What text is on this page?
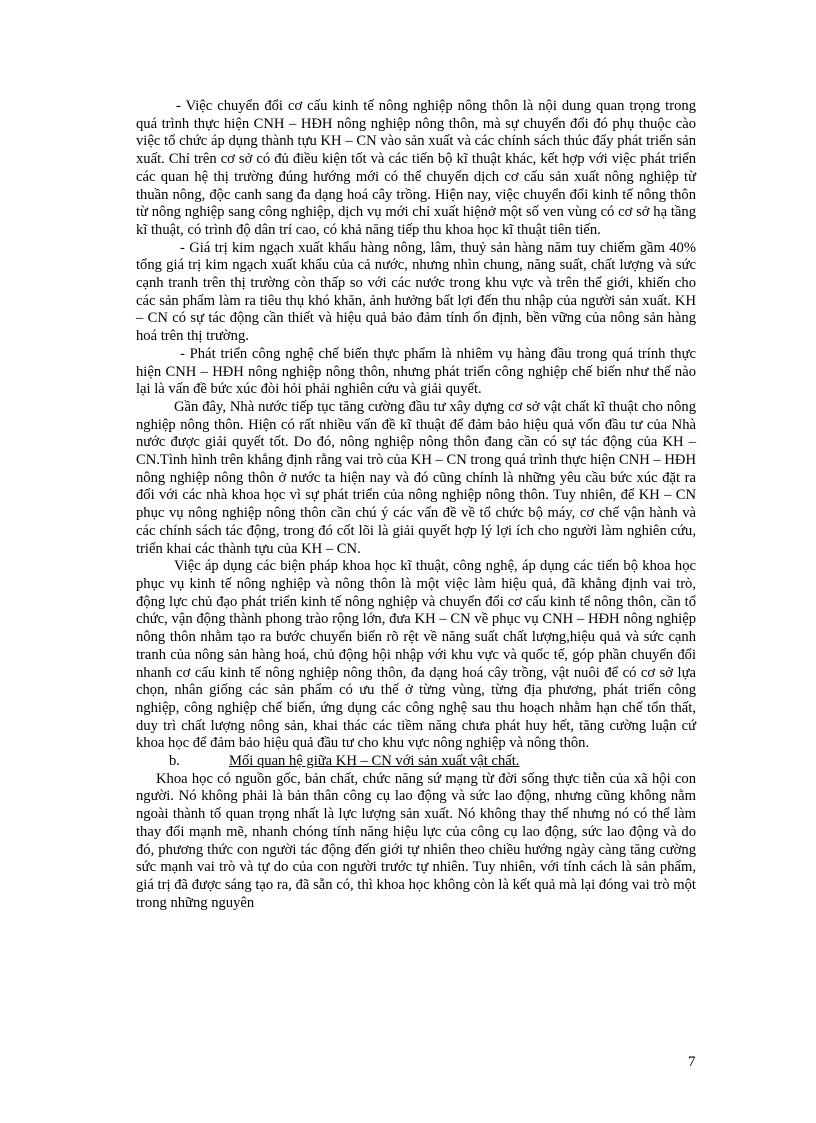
- Việc chuyển đổi cơ cấu kinh tế nông nghiệp nông thôn là nội dung quan trọng trong quá trình thực hiện CNH – HĐH nông nghiệp nông thôn, mà sự chuyển đổi đó phụ thuộc cào việc tổ chức áp dụng thành tựu KH – CN vào sản xuất và các chính sách thúc đẩy phát triển sản xuất. Chỉ trên cơ sở có đủ điều kiện tốt và các tiến bộ kĩ thuật khác, kết hợp với việc phát triển các quan hệ thị trường đúng hướng mới có thể chuyển dịch cơ cấu sản xuất nông nghiệp từ thuần nông, độc canh sang đa dạng hoá cây trồng. Hiện nay, việc chuyển đổi kinh tế nông thôn từ nông nghiệp sang công nghiệp, dịch vụ mới chỉ xuất hiệnở một số ven vùng có cơ sở hạ tầng kĩ thuật, có trình độ dân trí cao, có khả năng tiếp thu khoa học kĩ thuật tiên tiến.

- Giá trị kim ngạch xuất khẩu hàng nông, lâm, thuỷ sản hàng năm tuy chiếm gầm 40% tổng giá trị kim ngạch xuất khẩu của cả nước, nhưng nhìn chung, năng suất, chất lượng và sức cạnh tranh trên thị trường còn thấp so với các nước trong khu vực và trên thế giới, khiến cho các sản phẩm làm ra tiêu thụ khó khăn, ảnh hưởng bất lợi đến thu nhập của người sản xuất. KH – CN có sự tác động cần thiết và hiệu quả bảo đảm tính ổn định, bền vững của nông sản hàng hoá trên thị trường.

- Phát triển công nghệ chế biến thực phẩm là nhiêm vụ hàng đầu trong quá trính thực hiện CNH – HĐH nông nghiệp nông thôn, nhưng phát triển công nghiệp chế biến như thế nào lại là vấn đề bức xúc đòi hỏi phải nghiên cứu và giải quyết.

Gần đây, Nhà nước tiếp tục tăng cường đầu tư xây dựng cơ sở vật chất kĩ thuật cho nông nghiệp nông thôn. Hiện có rất nhiều vấn đề kĩ thuật để đảm bảo hiệu quả vốn đầu tư của Nhà nước được giải quyết tốt. Do đó, nông nghiệp nông thôn đang cần có sự tác động của KH – CN.Tình hình trên khẳng định rằng vai trò của KH – CN trong quá trình thực hiện CNH – HĐH nông nghiệp nông thôn ở nước ta hiện nay và đó cũng chính là những yêu cầu bức xúc đặt ra đối với các nhà khoa học vì sự phát triển của nông nghiệp nông thôn. Tuy nhiên, để KH – CN phục vụ nông nghiệp nông thôn cần chú ý các vấn đề về tổ chức bộ máy, cơ chế vận hành và các chính sách tác động, trong đó cốt lõi là giải quyết hợp lý lợi ích cho người làm nghiên cứu, triển khai các thành tựu của KH – CN.

Việc áp dụng các biện pháp khoa học kĩ thuật, công nghệ, áp dụng các tiến bộ khoa học phục vụ kinh tế nông nghiệp và nông thôn là một việc làm hiệu quả, đã khẳng định vai trò, động lực chủ đạo phát triển kinh tế nông nghiệp và chuyển đổi cơ cấu kinh tế nông thôn, cần tổ chức, vận động thành phong trào rộng lớn, đưa KH – CN về phục vụ CNH – HĐH nông nghiệp nông thôn nhằm tạo ra bước chuyển biến rõ rệt về năng suất chất lượng,hiệu quả và sức cạnh tranh của nông sản hàng hoá, chủ động hội nhập với khu vực và quốc tế, góp phần chuyển đổi nhanh cơ cấu kinh tế nông nghiệp nông thôn, đa dạng hoá cây trồng, vật nuôi để có cơ sở lựa chọn, nhân giống các sản phẩm có ưu thế ở từng vùng, từng địa phương, phát triển công nghiệp, công nghiệp chế biến, ứng dụng các công nghệ sau thu hoạch nhằm hạn chế tổn thất, duy trì chất lượng nông sản, khai thác các tiềm năng chưa phát huy hết, tăng cường luận cứ khoa học để đảm bảo hiệu quả đầu tư cho khu vực nông nghiệp và nông thôn.

b.	Mối quan hệ giữa KH – CN với sản xuất vật chất.

Khoa học có nguồn gốc, bản chất, chức năng sứ mạng từ đời sống thực tiễn của xã hội con người. Nó không phải là bản thân công cụ lao động và sức lao động, nhưng cũng không nằm ngoài thành tố quan trọng nhất là lực lượng sản xuất. Nó không thay thế nhưng nó có thể làm thay đổi mạnh mẽ, nhanh chóng tính năng hiệu lực của công cụ lao động, sức lao động và do đó, phương thức con người tác động đến giới tự nhiên theo chiều hướng ngày càng tăng cường sức mạnh vai trò và tự do của con người trước tự nhiên. Tuy nhiên, với tính cách là sản phẩm, giá trị đã được sáng tạo ra, đã sẵn có, thì khoa học không còn là kết quả mà lại đóng vai trò một trong những nguyên

7
